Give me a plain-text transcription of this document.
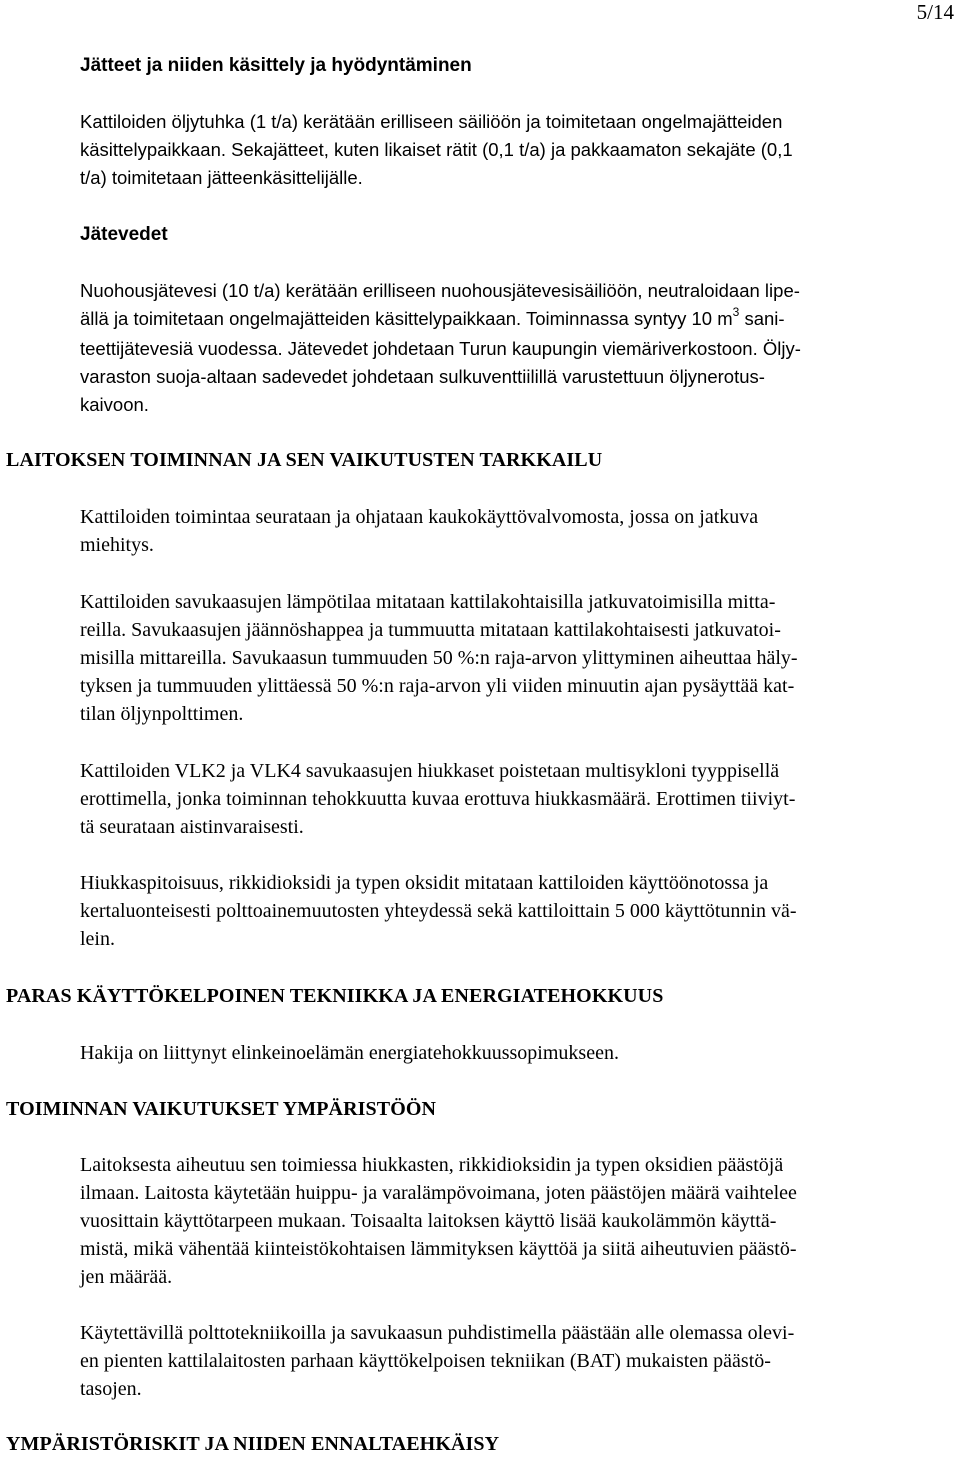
5/14
Jätteet ja niiden käsittely ja hyödyntäminen
Kattiloiden öljytuhka (1 t/a) kerätään erilliseen säiliöön ja toimitetaan ongelmajätteiden
käsittelypaikkaan. Sekajätteet, kuten likaiset rätit (0,1 t/a) ja pakkaamaton sekajäte (0,1
t/a) toimitetaan jätteenkäsittelijälle.
Jätevedet
Nuohousjätevesi (10 t/a) kerätään erilliseen nuohousjätevesisäiliöön, neutraloidaan lipe-
ällä ja toimitetaan ongelmajätteiden käsittelypaikkaan. Toiminnassa syntyy 10 $m^3$ sani-
teettijätevesiä vuodessa. Jätevedet johdetaan Turun kaupungin viemäriverkostoon. Öljy-
varaston suoja-altaan sadevedet johdetaan sulkuventtiilillä varustettuun öljynerotus-
kaivoon.
LAITOKSEN TOIMINNAN JA SEN VAIKUTUSTEN TARKKAILU
Kattiloiden toimintaa seurataan ja ohjataan kaukokäyttövalvomosta, jossa on jatkuva
miehitys.
Kattiloiden savukaasujen lämpötilaa mitataan kattilakohtaisilla jatkuvatoimisilla mitta-
reilla. Savukaasujen jäännöshappea ja tummuutta mitataan kattilakohtaisesti jatkuvatoi-
misilla mittareilla. Savukaasun tummuuden 50 %:n raja-arvon ylittyminen aiheuttaa häly-
tyksen ja tummuuden ylittäessä 50 %:n raja-arvon yli viiden minuutin ajan pysäyttää kat-
tilan öljynpolttimen.
Kattiloiden VLK2 ja VLK4 savukaasujen hiukkaset poistetaan multisykloni tyyppisellä
erottimella, jonka toiminnan tehokkuutta kuvaa erottuva hiukkasmäärä. Erottimen tiiviyt-
tä seurataan aistinvaraisesti.
Hiukkaspitoisuus, rikkidioksidi ja typen oksidit mitataan kattiloiden käyttöönotossa ja
kertaluonteisesti polttoainemuutosten yhteydessä sekä kattiloittain 5 000 käyttötunnin vä-
lein.
PARAS KÄYTTÖKELPOINEN TEKNIIKKA JA ENERGIATEHOKKUUS
Hakija on liittynyt elinkeinoelämän energiatehokkuussopimukseen.
TOIMINNAN VAIKUTUKSET YMPÄRISTÖÖN
Laitoksesta aiheutuu sen toimiessa hiukkasten, rikkidioksidin ja typen oksidien päästöjä
ilmaan. Laitosta käytetään huippu- ja varalämpövoimana, joten päästöjen määrä vaihtelee
vuosittain käyttötarpeen mukaan. Toisaalta laitoksen käyttö lisää kaukolämmön käyttä-
mistä, mikä vähentää kiinteistökohtaisen lämmityksen käyttöä ja siitä aiheutuvien päästö-
jen määrää.
Käytettävillä polttotekniikoilla ja savukaasun puhdistimella päästään alle olemassa olevi-
en pienten kattilalaitosten parhaan käyttökelpoisen tekniikan (BAT) mukaisten päästö-
tasojen.
YMPÄRISTÖRISKIT JA NIIDEN ENNALTAEHKÄISY
